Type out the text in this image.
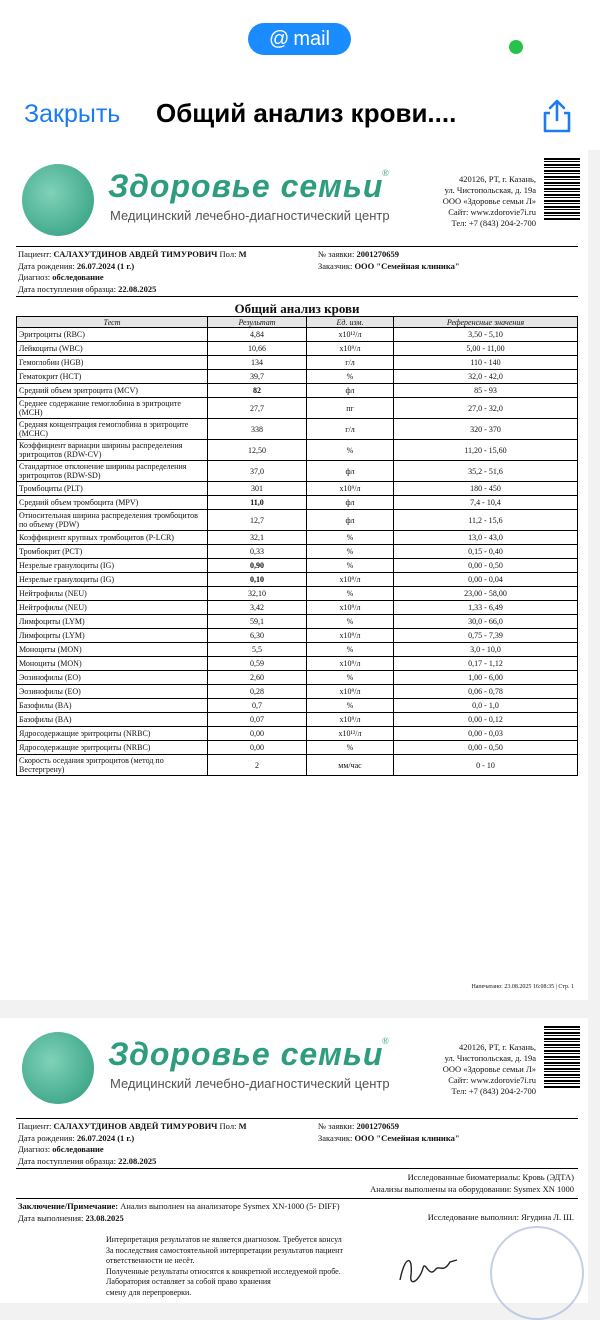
@ mail
Закрыть Общий анализ крови....
Здоровье семьи
®
Медицинский лечебно-диагностический центр
420126, РТ, г. Казань,
ул. Чистопольская, д. 19а
ООО «Здоровье семьи Л»
Сайт: www.zdorovie7i.ru
Тел: +7 (843) 204-2-700
Пациент: САЛАХУТДИНОВ АВДЕЙ ТИМУРОВИЧ Пол: М
Дата рождения: 26.07.2024 (1 г.)
Диагноз: обследование
Дата поступления образца: 22.08.2025
№ заявки: 2001270659
Заказчик: ООО "Семейная клиника"
Общий анализ крови
Тест	Результат	Ед. изм.	Референсные значения
Эритроциты (RBC)	4,84	x10¹²/л	3,50 - 5,10
Лейкоциты (WBC)	10,66	x10⁹/л	5,00 - 11,00
Гемоглобин (HGB)	134	г/л	110 - 140
Гематокрит (HCT)	39,7	%	32,0 - 42,0
Средний объем эритроцита (MCV)	82	фл	85 - 93
Среднее содержание гемоглобина в эритроците (MCH)	27,7	пг	27,0 - 32,0
Средняя концентрация гемоглобина в эритроците (MCHC)	338	г/л	320 - 370
Коэффициент вариации ширины распределения эритроцитов (RDW-CV)	12,50	%	11,20 - 15,60
Стандартное отклонение ширины распределения эритроцитов (RDW-SD)	37,0	фл	35,2 - 51,6
Тромбоциты (PLT)	301	x10⁹/л	180 - 450
Средний объем тромбоцита (MPV)	11,0	фл	7,4 - 10,4
Относительная ширина распределения тромбоцитов по объему (PDW)	12,7	фл	11,2 - 15,6
Коэффициент крупных тромбоцитов (P-LCR)	32,1	%	13,0 - 43,0
Тромбокрит (PCT)	0,33	%	0,15 - 0,40
Незрелые гранулоциты (IG)	0,90	%	0,00 - 0,50
Незрелые гранулоциты (IG)	0,10	x10⁹/л	0,00 - 0,04
Нейтрофилы (NEU)	32,10	%	23,00 - 58,00
Нейтрофилы (NEU)	3,42	x10⁹/л	1,33 - 6,49
Лимфоциты (LYM)	59,1	%	30,0 - 66,0
Лимфоциты (LYM)	6,30	x10⁹/л	0,75 - 7,39
Моноциты (MON)	5,5	%	3,0 - 10,0
Моноциты (MON)	0,59	x10⁹/л	0,17 - 1,12
Эозинофилы (EO)	2,60	%	1,00 - 6,00
Эозинофилы (EO)	0,28	x10⁹/л	0,06 - 0,78
Базофилы (BA)	0,7	%	0,0 - 1,0
Базофилы (BA)	0,07	x10⁹/л	0,00 - 0,12
Ядросодержащие эритроциты (NRBC)	0,00	x10¹²/л	0,00 - 0,03
Ядросодержащие эритроциты (NRBC)	0,00	%	0,00 - 0,50
Скорость оседания эритроцитов (метод по Вестергрену)	2	мм/час	0 - 10
Напечатано: 23.08.2025 16:08:35 | Стр. 1
Здоровье семьи
®
Медицинский лечебно-диагностический центр
420126, РТ, г. Казань,
ул. Чистопольская, д. 19а
ООО «Здоровье семьи Л»
Сайт: www.zdorovie7i.ru
Тел: +7 (843) 204-2-700
Пациент: САЛАХУТДИНОВ АВДЕЙ ТИМУРОВИЧ Пол: М
Дата рождения: 26.07.2024 (1 г.)
Диагноз: обследование
Дата поступления образца: 22.08.2025
№ заявки: 2001270659
Заказчик: ООО "Семейная клиника"
Исследованные биоматериалы: Кровь (ЭДТА)
Анализы выполнены на оборудовании: Sysmex XN 1000
Заключение/Примечание: Анализ выполнен на анализаторе Sysmex XN-1000 (5- DIFF)
Дата выполнения: 23.08.2025	Исследование выполнил: Ягудина Л. Ш.
Интерпретация результатов не является диагнозом. Требуется консул
За последствия самостоятельной интерпретации результатов пациент
ответственности не несёт.
Полученные результаты относятся к конкретной исследуемой пробе.
Лаборатория оставляет за собой право хранения
смену для перепроверки.
